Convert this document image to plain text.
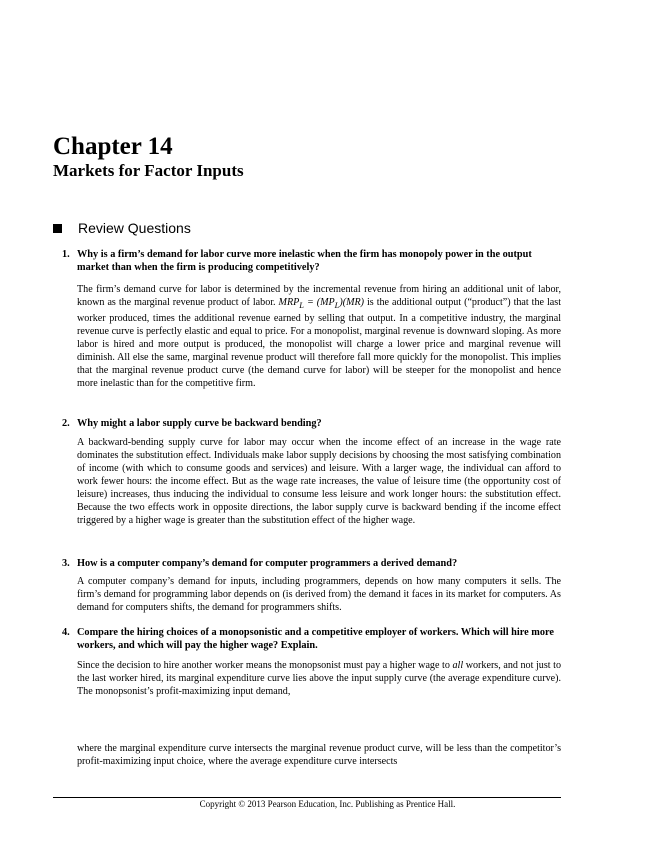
Chapter 14
Markets for Factor Inputs
Review Questions
1. Why is a firm’s demand for labor curve more inelastic when the firm has monopoly power in the output market than when the firm is producing competitively?
The firm’s demand curve for labor is determined by the incremental revenue from hiring an additional unit of labor, known as the marginal revenue product of labor. $MRP_L = (MP_L)(MR)$ is the additional output (“product”) that the last worker produced, times the additional revenue earned by selling that output. In a competitive industry, the marginal revenue curve is perfectly elastic and equal to price. For a monopolist, marginal revenue is downward sloping. As more labor is hired and more output is produced, the monopolist will charge a lower price and marginal revenue will diminish. All else the same, marginal revenue product will therefore fall more quickly for the monopolist. This implies that the marginal revenue product curve (the demand curve for labor) will be steeper for the monopolist and hence more inelastic than for the competitive firm.
2. Why might a labor supply curve be backward bending?
A backward-bending supply curve for labor may occur when the income effect of an increase in the wage rate dominates the substitution effect. Individuals make labor supply decisions by choosing the most satisfying combination of income (with which to consume goods and services) and leisure. With a larger wage, the individual can afford to work fewer hours: the income effect. But as the wage rate increases, the value of leisure time (the opportunity cost of leisure) increases, thus inducing the individual to consume less leisure and work longer hours: the substitution effect. Because the two effects work in opposite directions, the labor supply curve is backward bending if the income effect triggered by a higher wage is greater than the substitution effect of the higher wage.
3. How is a computer company’s demand for computer programmers a derived demand?
A computer company’s demand for inputs, including programmers, depends on how many computers it sells. The firm’s demand for programming labor depends on (is derived from) the demand it faces in its market for computers. As demand for computers shifts, the demand for programmers shifts.
4. Compare the hiring choices of a monopsonistic and a competitive employer of workers. Which will hire more workers, and which will pay the higher wage? Explain.
Since the decision to hire another worker means the monopsonist must pay a higher wage to all workers, and not just to the last worker hired, its marginal expenditure curve lies above the input supply curve (the average expenditure curve). The monopsonist’s profit-maximizing input demand,
where the marginal expenditure curve intersects the marginal revenue product curve, will be less than the competitor’s profit-maximizing input choice, where the average expenditure curve intersects
Copyright © 2013 Pearson Education, Inc. Publishing as Prentice Hall.
